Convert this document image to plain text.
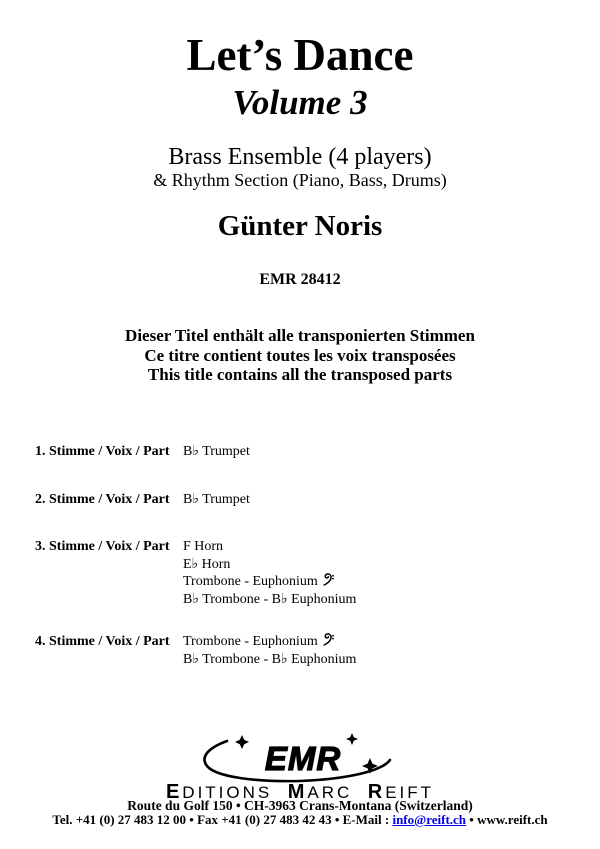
Let’s Dance
Volume 3
Brass Ensemble (4 players)
& Rhythm Section (Piano, Bass, Drums)
Günter Noris
EMR 28412
Dieser Titel enthält alle transponierten Stimmen
Ce titre contient toutes les voix transposées
This title contains all the transposed parts
1. Stimme / Voix / Part B♭ Trumpet
2. Stimme / Voix / Part B♭ Trumpet
3. Stimme / Voix / Part F Horn
E♭ Horn
Trombone - Euphonium
B♭ Trombone - B♭ Euphonium
4. Stimme / Voix / Part Trombone - Euphonium
B♭ Trombone - B♭ Euphonium
EMR
EDITIONS MARC REIFT
Route du Golf 150 • CH-3963 Crans-Montana (Switzerland)
Tel. +41 (0) 27 483 12 00 • Fax +41 (0) 27 483 42 43 • E-Mail : info@reift.ch • www.reift.ch
